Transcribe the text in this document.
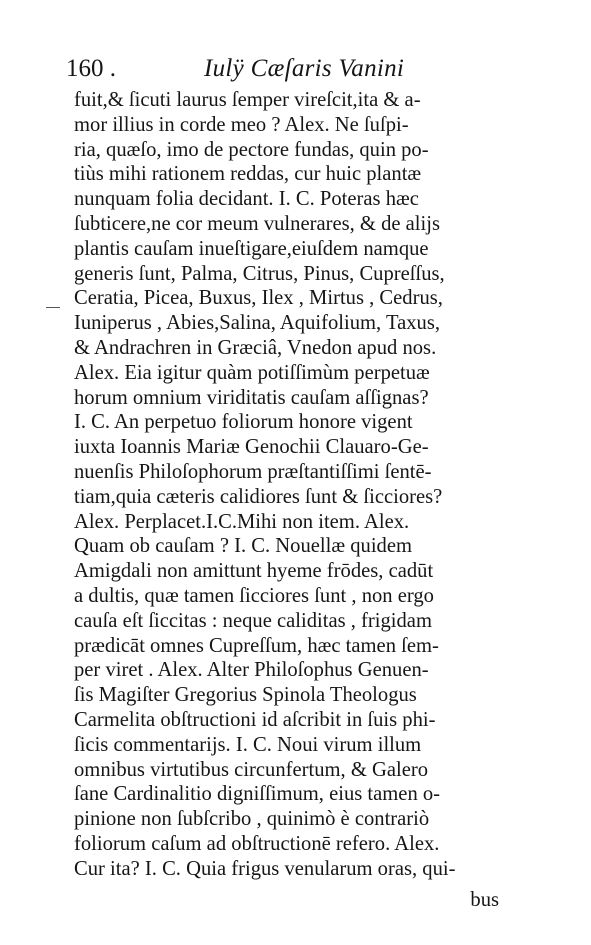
160 .	Iulÿ Cæſaris Vanini
fuit,& ſicuti laurus ſemper vireſcit,ita & a-
mor illius in corde meo ? Alex. Ne ſuſpi-
ria, quæſo, imo de pectore fundas, quin po-
tiùs mihi rationem reddas, cur huic plantæ
nunquam folia decidant. I. C. Poteras hæc
ſubticere,ne cor meum vulnerares, & de alijs
plantis cauſam inueſtigare,eiuſdem namque
generis ſunt, Palma, Citrus, Pinus, Cupreſſus,
Ceratia, Picea, Buxus, Ilex , Mirtus , Cedrus,
Iuniperus , Abies,Salina, Aquifolium, Taxus,
& Andrachren in Græciâ, Vnedon apud nos.
Alex. Eia igitur quàm potiſſimùm perpetuæ
horum omnium viriditatis cauſam aſſignas?
I. C. An perpetuo foliorum honore vigent
iuxta Ioannis Mariæ Genochii Clauaro-Ge-
nuenſis Philoſophorum præſtantiſſimi ſentē-
tiam,quia cæteris calidiores ſunt & ſicciores?
Alex. Perplacet.I.C.Mihi non item. Alex.
Quam ob cauſam ? I. C. Nouellæ quidem
Amigdali non amittunt hyeme frōdes, cadūt
a dultis, quæ tamen ſicciores ſunt , non ergo
cauſa eſt ſiccitas : neque caliditas , frigidam
prædicāt omnes Cupreſſum, hæc tamen ſem-
per viret . Alex. Alter Philoſophus Genuen-
ſis Magiſter Gregorius Spinola Theologus
Carmelita obſtructioni id aſcribit in ſuis phi-
ſicis commentarijs. I. C. Noui virum illum
omnibus virtutibus circunfertum, & Galero
ſane Cardinalitio digniſſimum, eius tamen o-
pinione non ſubſcribo , quinimò è contrariò
foliorum caſum ad obſtructionē refero. Alex.
Cur ita? I. C. Quia frigus venularum oras, qui-
bus
